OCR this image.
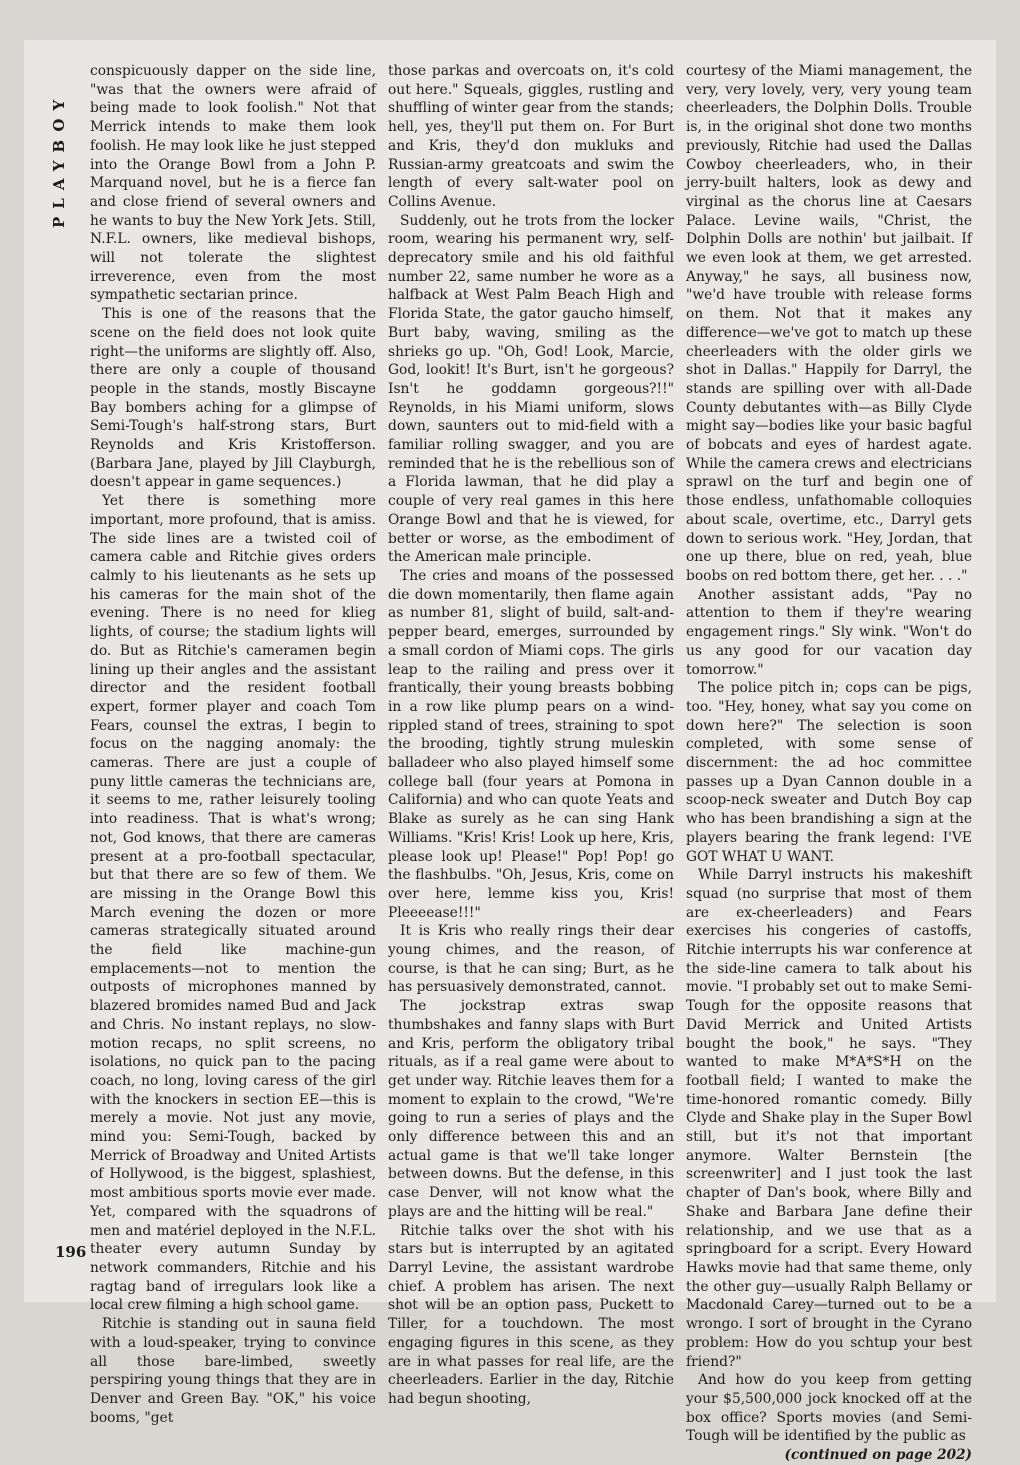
PLAYBOY

conspicuously dapper on the side line, "was that the owners were afraid of being made to look foolish." Not that Merrick intends to make them look foolish. He may look like he just stepped into the Orange Bowl from a John P. Marquand novel, but he is a fierce fan and close friend of several owners and he wants to buy the New York Jets. Still, N.F.L. owners, like medieval bishops, will not tolerate the slightest irreverence, even from the most sympathetic sectarian prince.

This is one of the reasons that the scene on the field does not look quite right—the uniforms are slightly off. Also, there are only a couple of thousand people in the stands, mostly Biscayne Bay bombers aching for a glimpse of Semi-Tough's half-strong stars, Burt Reynolds and Kris Kristofferson. (Barbara Jane, played by Jill Clayburgh, doesn't appear in game sequences.)

Yet there is something more important, more profound, that is amiss. The side lines are a twisted coil of camera cable and Ritchie gives orders calmly to his lieutenants as he sets up his cameras for the main shot of the evening. There is no need for klieg lights, of course; the stadium lights will do. But as Ritchie's cameramen begin lining up their angles and the assistant director and the resident football expert, former player and coach Tom Fears, counsel the extras, I begin to focus on the nagging anomaly: the cameras. There are just a couple of puny little cameras the technicians are, it seems to me, rather leisurely tooling into readiness. That is what's wrong; not, God knows, that there are cameras present at a pro-football spectacular, but that there are so few of them. We are missing in the Orange Bowl this March evening the dozen or more cameras strategically situated around the field like machine-gun emplacements—not to mention the outposts of microphones manned by blazered bromides named Bud and Jack and Chris. No instant replays, no slow-motion recaps, no split screens, no isolations, no quick pan to the pacing coach, no long, loving caress of the girl with the knockers in section EE—this is merely a movie. Not just any movie, mind you: Semi-Tough, backed by Merrick of Broadway and United Artists of Hollywood, is the biggest, splashiest, most ambitious sports movie ever made. Yet, compared with the squadrons of men and matériel deployed in the N.F.L. theater every autumn Sunday by network commanders, Ritchie and his ragtag band of irregulars look like a local crew filming a high school game.

Ritchie is standing out in sauna field with a loud-speaker, trying to convince all those bare-limbed, sweetly perspiring young things that they are in Denver and Green Bay. "OK," his voice booms, "get

those parkas and overcoats on, it's cold out here." Squeals, giggles, rustling and shuffling of winter gear from the stands; hell, yes, they'll put them on. For Burt and Kris, they'd don mukluks and Russian-army greatcoats and swim the length of every salt-water pool on Collins Avenue.

Suddenly, out he trots from the locker room, wearing his permanent wry, self-deprecatory smile and his old faithful number 22, same number he wore as a halfback at West Palm Beach High and Florida State, the gator gaucho himself, Burt baby, waving, smiling as the shrieks go up. "Oh, God! Look, Marcie, God, lookit! It's Burt, isn't he gorgeous? Isn't he goddamn gorgeous?!!" Reynolds, in his Miami uniform, slows down, saunters out to mid-field with a familiar rolling swagger, and you are reminded that he is the rebellious son of a Florida lawman, that he did play a couple of very real games in this here Orange Bowl and that he is viewed, for better or worse, as the embodiment of the American male principle.

The cries and moans of the possessed die down momentarily, then flame again as number 81, slight of build, salt-and-pepper beard, emerges, surrounded by a small cordon of Miami cops. The girls leap to the railing and press over it frantically, their young breasts bobbing in a row like plump pears on a wind-rippled stand of trees, straining to spot the brooding, tightly strung muleskin balladeer who also played himself some college ball (four years at Pomona in California) and who can quote Yeats and Blake as surely as he can sing Hank Williams. "Kris! Kris! Look up here, Kris, please look up! Please!" Pop! Pop! go the flashbulbs. "Oh, Jesus, Kris, come on over here, lemme kiss you, Kris! Pleeeease!!!"

It is Kris who really rings their dear young chimes, and the reason, of course, is that he can sing; Burt, as he has persuasively demonstrated, cannot.

The jockstrap extras swap thumbshakes and fanny slaps with Burt and Kris, perform the obligatory tribal rituals, as if a real game were about to get under way. Ritchie leaves them for a moment to explain to the crowd, "We're going to run a series of plays and the only difference between this and an actual game is that we'll take longer between downs. But the defense, in this case Denver, will not know what the plays are and the hitting will be real."

Ritchie talks over the shot with his stars but is interrupted by an agitated Darryl Levine, the assistant wardrobe chief. A problem has arisen. The next shot will be an option pass, Puckett to Tiller, for a touchdown. The most engaging figures in this scene, as they are in what passes for real life, are the cheerleaders. Earlier in the day, Ritchie had begun shooting,

courtesy of the Miami management, the very, very lovely, very, very young team cheerleaders, the Dolphin Dolls. Trouble is, in the original shot done two months previously, Ritchie had used the Dallas Cowboy cheerleaders, who, in their jerry-built halters, look as dewy and virginal as the chorus line at Caesars Palace. Levine wails, "Christ, the Dolphin Dolls are nothin' but jailbait. If we even look at them, we get arrested. Anyway," he says, all business now, "we'd have trouble with release forms on them. Not that it makes any difference—we've got to match up these cheerleaders with the older girls we shot in Dallas." Happily for Darryl, the stands are spilling over with all-Dade County debutantes with—as Billy Clyde might say—bodies like your basic bagful of bobcats and eyes of hardest agate. While the camera crews and electricians sprawl on the turf and begin one of those endless, unfathomable colloquies about scale, overtime, etc., Darryl gets down to serious work. "Hey, Jordan, that one up there, blue on red, yeah, blue boobs on red bottom there, get her. . . ."

Another assistant adds, "Pay no attention to them if they're wearing engagement rings." Sly wink. "Won't do us any good for our vacation day tomorrow."

The police pitch in; cops can be pigs, too. "Hey, honey, what say you come on down here?" The selection is soon completed, with some sense of discernment: the ad hoc committee passes up a Dyan Cannon double in a scoop-neck sweater and Dutch Boy cap who has been brandishing a sign at the players bearing the frank legend: I'VE GOT WHAT U WANT.

While Darryl instructs his makeshift squad (no surprise that most of them are ex-cheerleaders) and Fears exercises his congeries of castoffs, Ritchie interrupts his war conference at the side-line camera to talk about his movie. "I probably set out to make Semi-Tough for the opposite reasons that David Merrick and United Artists bought the book," he says. "They wanted to make M*A*S*H on the football field; I wanted to make the time-honored romantic comedy. Billy Clyde and Shake play in the Super Bowl still, but it's not that important anymore. Walter Bernstein [the screenwriter] and I just took the last chapter of Dan's book, where Billy and Shake and Barbara Jane define their relationship, and we use that as a springboard for a script. Every Howard Hawks movie had that same theme, only the other guy—usually Ralph Bellamy or Macdonald Carey—turned out to be a wrongo. I sort of brought in the Cyrano problem: How do you schtup your best friend?"

And how do you keep from getting your $5,500,000 jock knocked off at the box office? Sports movies (and Semi-Tough will be identified by the public as

(continued on page 202)
196
